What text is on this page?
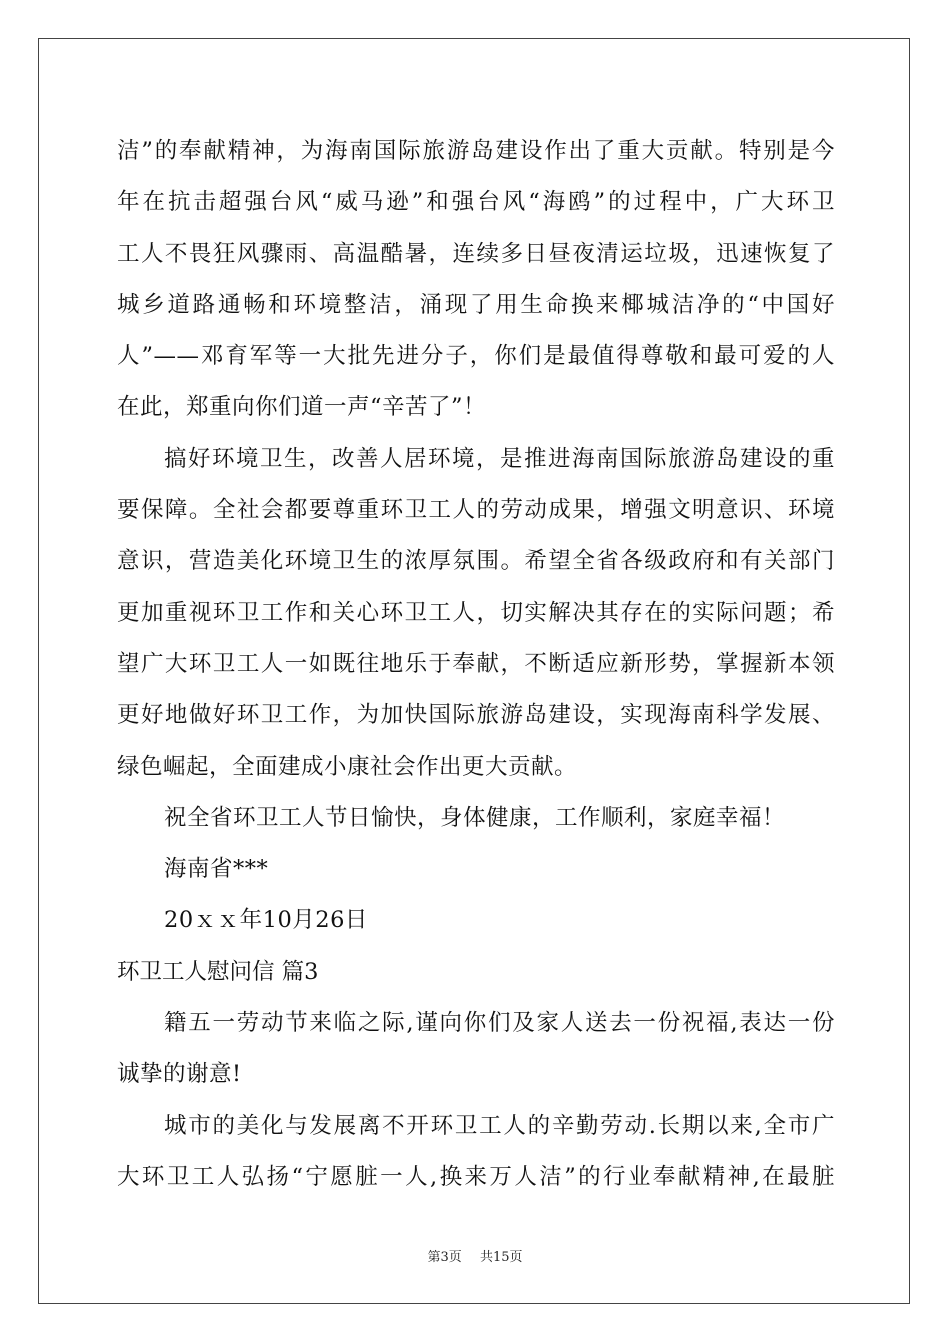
洁”的奉献精神，为海南国际旅游岛建设作出了重大贡献。特别是今
年在抗击超强台风“威马逊”和强台风“海鸥”的过程中，广大环卫
工人不畏狂风骤雨、高温酷暑，连续多日昼夜清运垃圾，迅速恢复了
城乡道路通畅和环境整洁，涌现了用生命换来椰城洁净的“中国好
人”——邓育军等一大批先进分子，你们是最值得尊敬和最可爱的人
在此，郑重向你们道一声“辛苦了”！
搞好环境卫生，改善人居环境，是推进海南国际旅游岛建设的重
要保障。全社会都要尊重环卫工人的劳动成果，增强文明意识、环境
意识，营造美化环境卫生的浓厚氛围。希望全省各级政府和有关部门
更加重视环卫工作和关心环卫工人，切实解决其存在的实际问题；希
望广大环卫工人一如既往地乐于奉献，不断适应新形势，掌握新本领
更好地做好环卫工作，为加快国际旅游岛建设，实现海南科学发展、
绿色崛起，全面建成小康社会作出更大贡献。
祝全省环卫工人节日愉快，身体健康，工作顺利，家庭幸福！
海南省***
20ｘｘ年10月26日
环卫工人慰问信 篇3
籍五一劳动节来临之际,谨向你们及家人送去一份祝福,表达一份
诚挚的谢意!
城市的美化与发展离不开环卫工人的辛勤劳动.长期以来,全市广
大环卫工人弘扬“宁愿脏一人,换来万人洁”的行业奉献精神,在最脏
第3页 共15页
